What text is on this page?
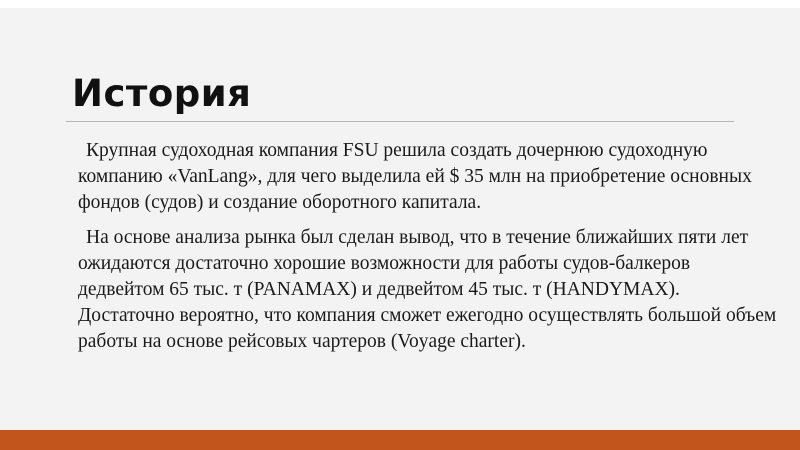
История

Крупная судоходная компания FSU решила создать дочернюю судоходную компанию «VanLang», для чего выделила ей $ 35 млн на приобретение основных фондов (судов) и создание оборотного капитала.

На основе анализа рынка был сделан вывод, что в течение ближайших пяти лет ожидаются достаточно хорошие возможности для работы судов-балкеров дедвейтом 65 тыс. т (PANAMAX) и дедвейтом 45 тыс. т (HANDYMAX). Достаточно вероятно, что компания сможет ежегодно осуществлять большой объем работы на основе рейсовых чартеров (Voyage charter).
